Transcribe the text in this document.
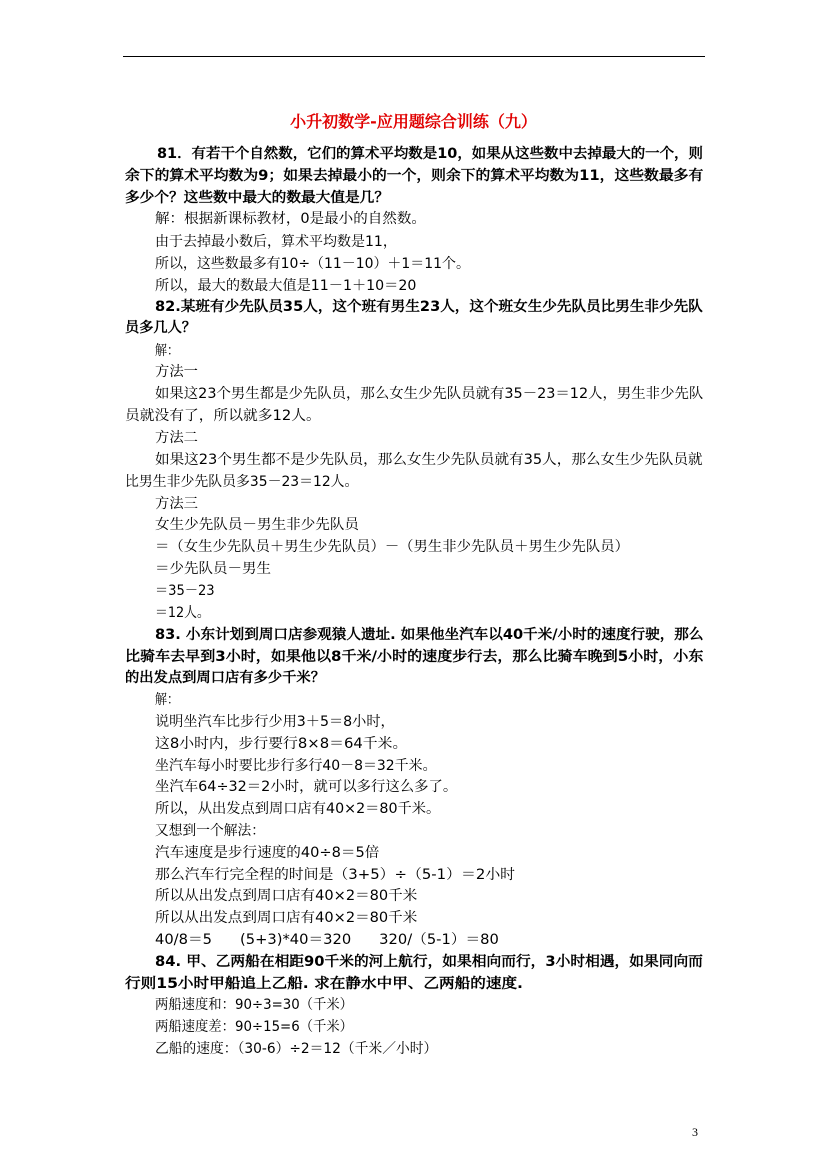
小升初数学-应用题综合训练（九）
81．有若干个自然数，它们的算术平均数是10，如果从这些数中去掉最大的一个，则
余下的算术平均数为9；如果去掉最小的一个，则余下的算术平均数为11，这些数最多有
多少个？这些数中最大的数最大值是几？
解：根据新课标教材，0是最小的自然数。
由于去掉最小数后，算术平均数是11，
所以，这些数最多有10÷（11－10）＋1＝11个。
所以，最大的数最大值是11－1＋10＝20
82.某班有少先队员35人，这个班有男生23人，这个班女生少先队员比男生非少先队
员多几人？
解：
方法一
如果这23个男生都是少先队员，那么女生少先队员就有35－23＝12人，男生非少先队
员就没有了，所以就多12人。
方法二
如果这23个男生都不是少先队员，那么女生少先队员就有35人，那么女生少先队员就
比男生非少先队员多35－23＝12人。
方法三
女生少先队员－男生非少先队员
＝（女生少先队员＋男生少先队员）－（男生非少先队员＋男生少先队员）
＝少先队员－男生
＝35－23
＝12人。
83. 小东计划到周口店参观猿人遗址. 如果他坐汽车以40千米/小时的速度行驶，那么
比骑车去早到3小时，如果他以8千米/小时的速度步行去，那么比骑车晚到5小时，小东
的出发点到周口店有多少千米？
解：
说明坐汽车比步行少用3＋5＝8小时，
这8小时内，步行要行8×8＝64千米。
坐汽车每小时要比步行多行40－8＝32千米。
坐汽车64÷32＝2小时，就可以多行这么多了。
所以，从出发点到周口店有40×2＝80千米。
又想到一个解法：
汽车速度是步行速度的40÷8＝5倍
那么汽车行完全程的时间是（3+5）÷（5-1）＝2小时
所以从出发点到周口店有40×2＝80千米
所以从出发点到周口店有40×2＝80千米
40/8＝5      (5+3)*40＝320      320/（5-1）＝80
84. 甲、乙两船在相距90千米的河上航行，如果相向而行，3小时相遇，如果同向而
行则15小时甲船追上乙船. 求在静水中甲、乙两船的速度.
两船速度和：90÷3=30（千米）
两船速度差：90÷15=6（千米）
乙船的速度：（30-6）÷2＝12（千米／小时）
3
